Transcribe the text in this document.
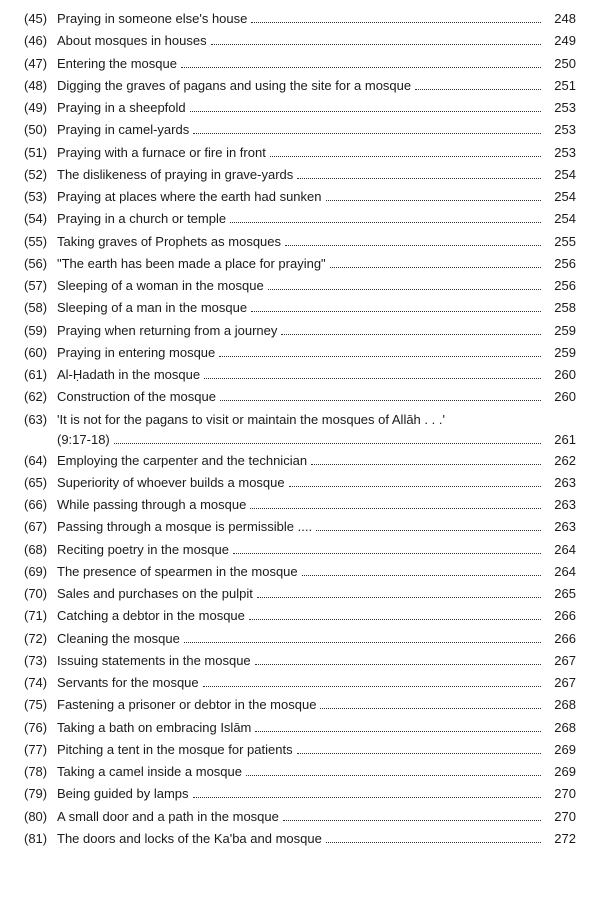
(45) Praying in someone else's house	248
(46) About mosques in houses	249
(47) Entering the mosque	250
(48) Digging the graves of pagans and using the site for a mosque	251
(49) Praying in a sheepfold	253
(50) Praying in camel-yards	253
(51) Praying with a furnace or fire in front	253
(52) The dislikeness of praying in grave-yards	254
(53) Praying at places where the earth had sunken	254
(54) Praying in a church or temple	254
(55) Taking graves of Prophets as mosques	255
(56) "The earth has been made a place for praying"	256
(57) Sleeping of a woman in the mosque	256
(58) Sleeping of a man in the mosque	258
(59) Praying when returning from a journey	259
(60) Praying in entering mosque	259
(61) Al-Ḥadath in the mosque	260
(62) Construction of the mosque	260
(63) 'It is not for the pagans to visit or maintain the mosques of Allāh . . .'
(9:17-18)	261
(64) Employing the carpenter and the technician	262
(65) Superiority of whoever builds a mosque	263
(66) While passing through a mosque	263
(67) Passing through a mosque is permissible ....	263
(68) Reciting poetry in the mosque	264
(69) The presence of spearmen in the mosque	264
(70) Sales and purchases on the pulpit	265
(71) Catching a debtor in the mosque	266
(72) Cleaning the mosque	266
(73) Issuing statements in the mosque	267
(74) Servants for the mosque	267
(75) Fastening a prisoner or debtor in the mosque	268
(76) Taking a bath on embracing Islām	268
(77) Pitching a tent in the mosque for patients	269
(78) Taking a camel inside a mosque	269
(79) Being guided by lamps	270
(80) A small door and a path in the mosque	270
(81) The doors and locks of the Ka'ba and mosque	272
